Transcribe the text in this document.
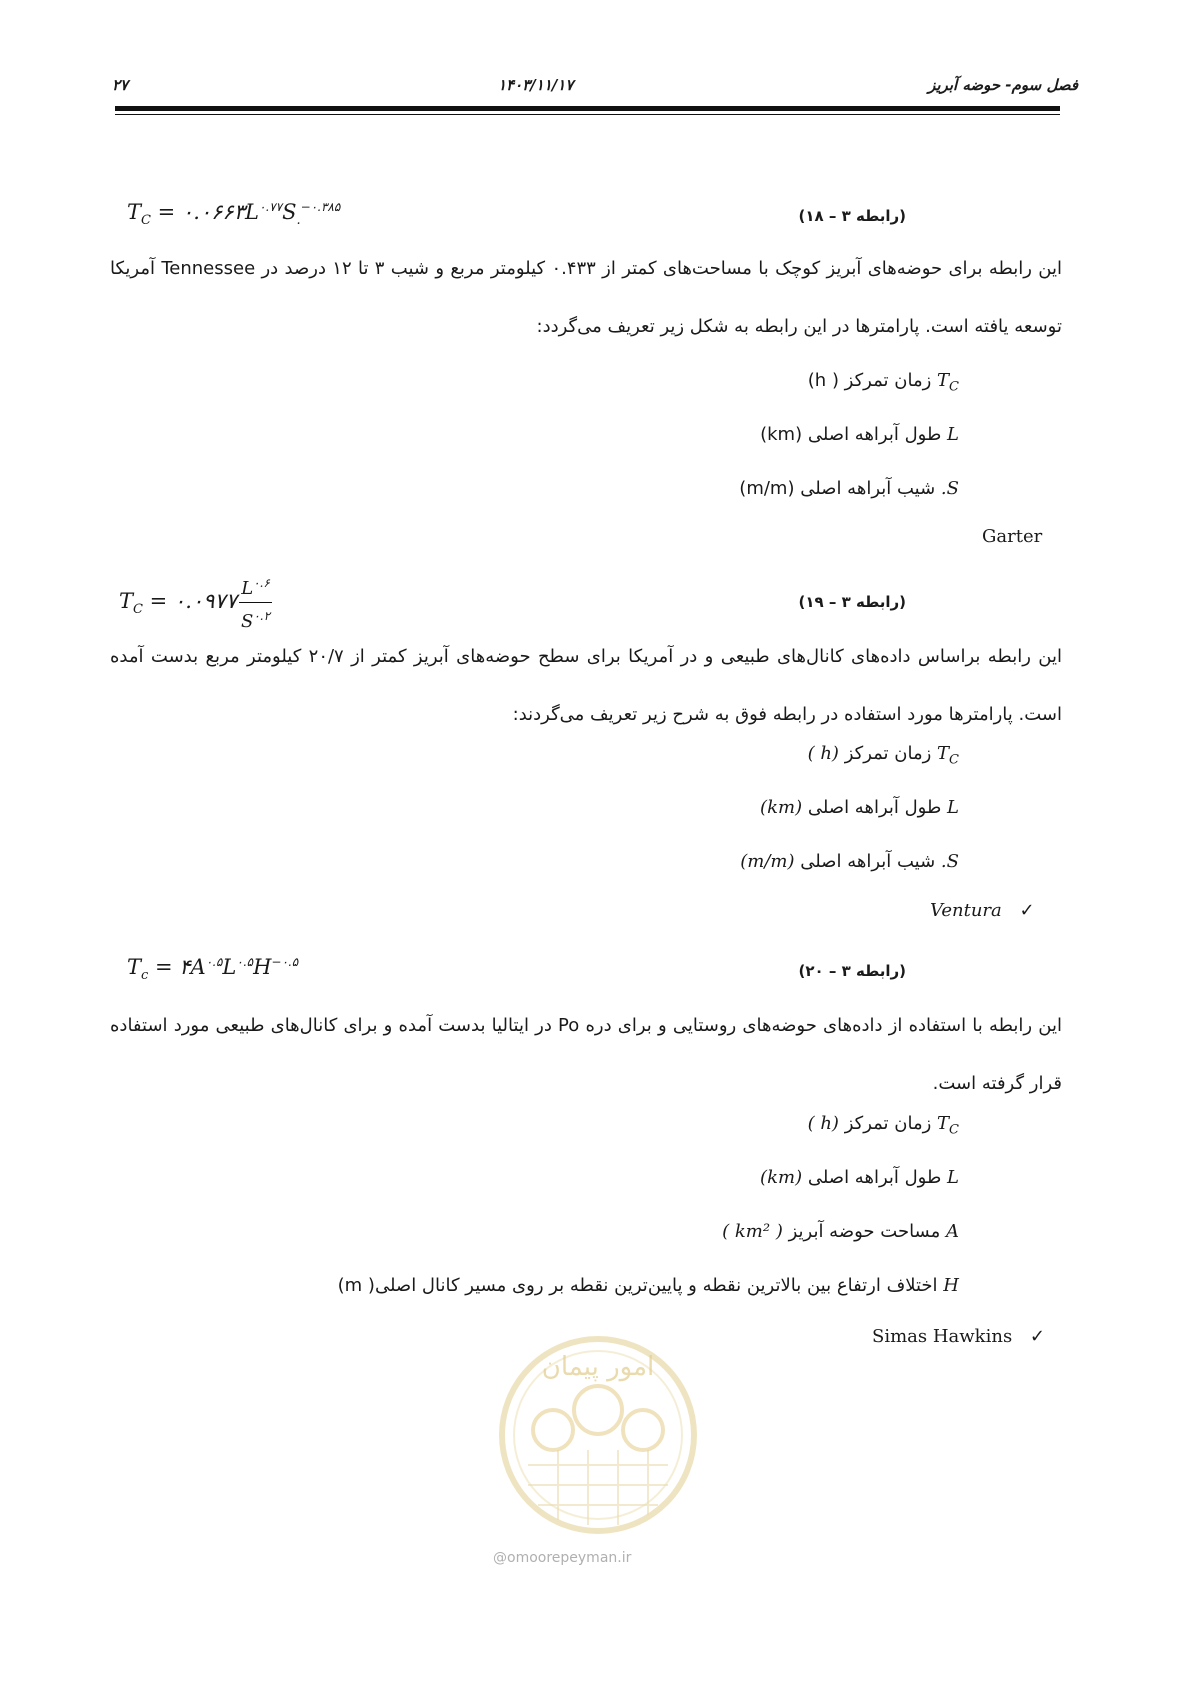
۲۷	۱۴۰۳/۱۱/۱۷	فصل سوم- حوضه آبریز
$T_C$ = $۰.۰۶۶۳L^{۰.۷۷}S_.^{-۰.۳۸۵}$	(رابطه ۳ – ۱۸)
این رابطه برای حوضه‌های آبریز کوچک با مساحت‌های کمتر از ۰.۴۳۳ کیلومتر مربع و شیب ۳ تا ۱۲ درصد در Tennessee آمریکا توسعه یافته است. پارامترها در این رابطه به شکل زیر تعریف می‌گردد:
$T_C$ زمان تمرکز ( h)
L طول آبراهه اصلی (km)
S. شیب آبراهه اصلی (m/m)
Garter
$T_C$ = ۰.۰۹۷۷ $\frac{L^{۰.۶}}{S^{۰.۲}}$	(رابطه ۳ – ۱۹)
این رابطه براساس داده‌های کانال‌های طبیعی و در آمریکا برای سطح حوضه‌های آبریز کمتر از ۲۰/۷ کیلومتر مربع بدست آمده است. پارامترها مورد استفاده در رابطه فوق به شرح زیر تعریف می‌گردند:
$T_C$ زمان تمرکز (h )
L طول آبراهه اصلی (km)
S. شیب آبراهه اصلی (m/m)
Ventura ✓
$T_c$ = $۴A^{۰.۵}L^{۰.۵}H^{-۰.۵}$	(رابطه ۳ – ۲۰)
این رابطه با استفاده از داده‌های حوضه‌های روستایی و برای دره Po در ایتالیا بدست آمده و برای کانال‌های طبیعی مورد استفاده قرار گرفته است.
$T_C$ زمان تمرکز (h )
L طول آبراهه اصلی (km)
A مساحت حوضه آبریز ( km² )
H اختلاف ارتفاع بین بالاترین نقطه و پایین‌ترین نقطه بر روی مسیر کانال اصلی( m)
Simas Hawkins ✓
امور پیمان
@omoorepeyman.ir
